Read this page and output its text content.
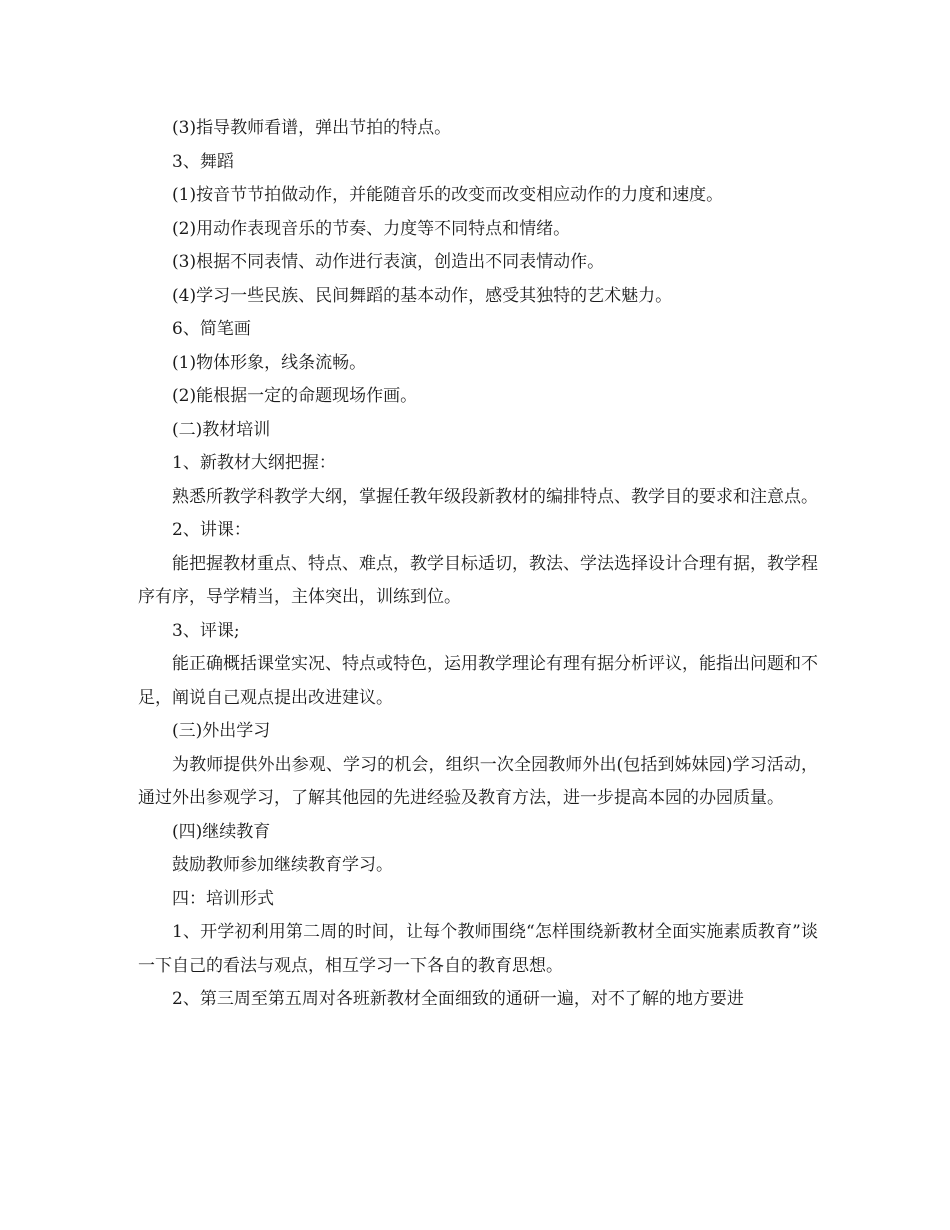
(3)指导教师看谱，弹出节拍的特点。

3、舞蹈

(1)按音节节拍做动作，并能随音乐的改变而改变相应动作的力度和速度。

(2)用动作表现音乐的节奏、力度等不同特点和情绪。

(3)根据不同表情、动作进行表演，创造出不同表情动作。

(4)学习一些民族、民间舞蹈的基本动作，感受其独特的艺术魅力。

6、简笔画

(1)物体形象，线条流畅。

(2)能根据一定的命题现场作画。

(二)教材培训

1、新教材大纲把握：

熟悉所教学科教学大纲，掌握任教年级段新教材的编排特点、教学目的要求和注意点。

2、讲课：

能把握教材重点、特点、难点，教学目标适切，教法、学法选择设计合理有据，教学程序有序，导学精当，主体突出，训练到位。

3、评课;

能正确概括课堂实况、特点或特色，运用教学理论有理有据分析评议，能指出问题和不足，阐说自己观点提出改进建议。

(三)外出学习

为教师提供外出参观、学习的机会，组织一次全园教师外出(包括到姊妹园)学习活动，通过外出参观学习，了解其他园的先进经验及教育方法，进一步提高本园的办园质量。

(四)继续教育

鼓励教师参加继续教育学习。

四：培训形式

1、开学初利用第二周的时间，让每个教师围绕“怎样围绕新教材全面实施素质教育”谈一下自己的看法与观点，相互学习一下各自的教育思想。

2、第三周至第五周对各班新教材全面细致的通研一遍，对不了解的地方要进
